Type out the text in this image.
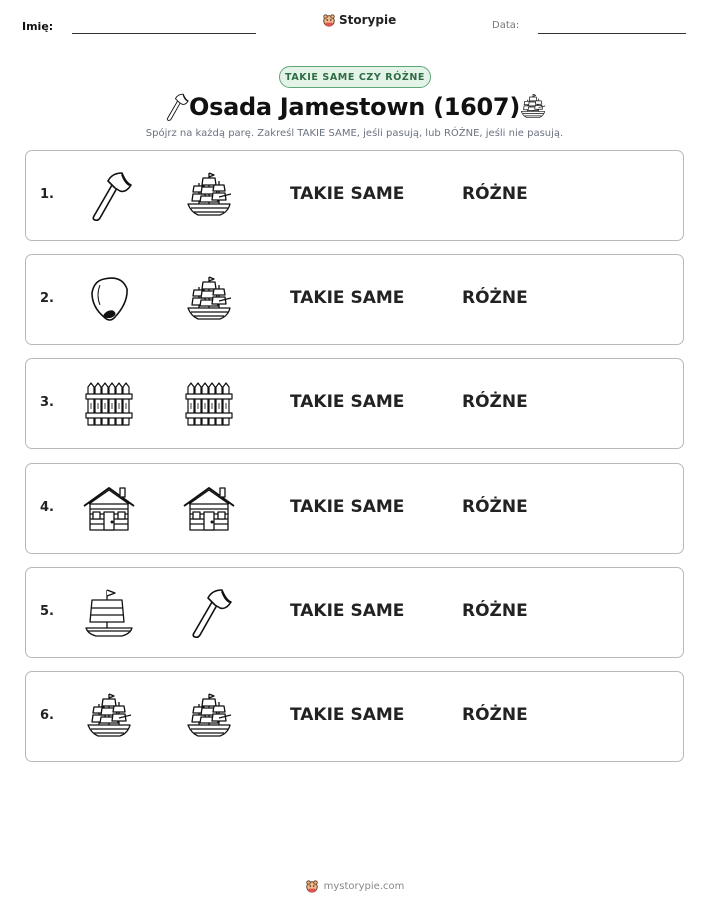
Imię:	Storypie	Data:
TAKIE SAME CZY RÓŻNE
Osada Jamestown (1607)
Spójrz na każdą parę. Zakreśl TAKIE SAME, jeśli pasują, lub RÓŻNE, jeśli nie pasują.
1.	TAKIE SAME	RÓŻNE
2.	TAKIE SAME	RÓŻNE
3.	TAKIE SAME	RÓŻNE
4.	TAKIE SAME	RÓŻNE
5.	TAKIE SAME	RÓŻNE
6.	TAKIE SAME	RÓŻNE
mystorypie.com
